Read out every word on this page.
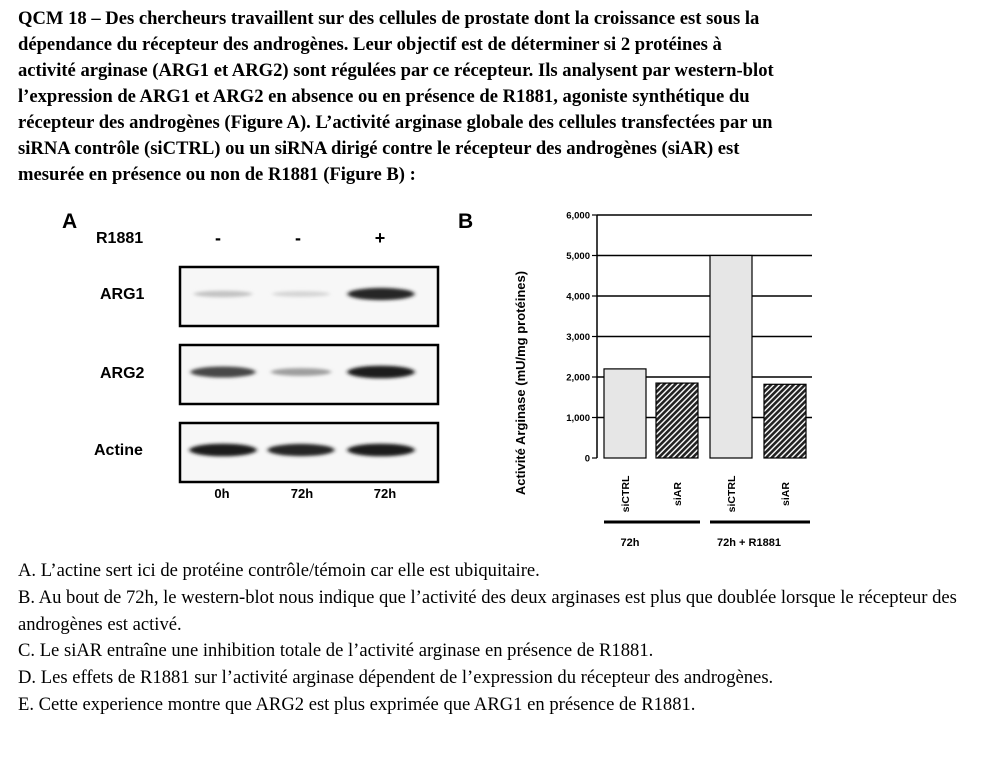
QCM 18 – Des chercheurs travaillent sur des cellules de prostate dont la croissance est sous la
dépendance du récepteur des androgènes. Leur objectif est de déterminer si 2 protéines à
activité arginase (ARG1 et ARG2) sont régulées par ce récepteur. Ils analysent par western-blot
l’expression de ARG1 et ARG2 en absence ou en présence de R1881, agoniste synthétique du
récepteur des androgènes (Figure A). L’activité arginase globale des cellules transfectées par un
siRNA contrôle (siCTRL) ou un siRNA dirigé contre le récepteur des androgènes (siAR) est
mesurée en présence ou non de R1881 (Figure B) :
A
R1881	-	-	+
ARG1
ARG2
Actine
0h	72h	72h
B
Activité Arginase (mU/mg protéines)	0
1,000
2,000
3,000
4,000
5,000
6,000
siCTRL	siAR	siCTRL	siAR
72h	72h + R1881

A. L’actine sert ici de protéine contrôle/témoin car elle est ubiquitaire.

B. Au bout de 72h, le western-blot nous indique que l’activité des deux arginases est plus que doublée lorsque le récepteur des androgènes est activé.

C. Le siAR entraîne une inhibition totale de l’activité arginase en présence de R1881.

D. Les effets de R1881 sur l’activité arginase dépendent de l’expression du récepteur des androgènes.

E. Cette experience montre que ARG2 est plus exprimée que ARG1 en présence de R1881.
